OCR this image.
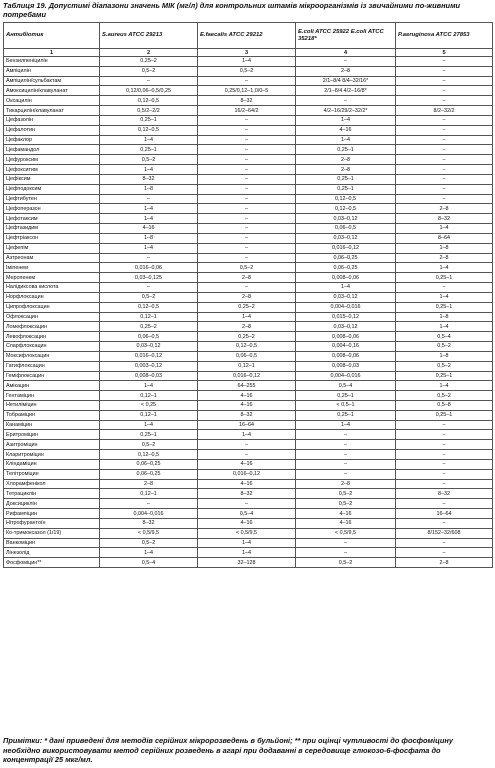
Таблиця 19. Допустимі діапазони значень МІК (мг/л) для контрольних штамів мікроорганізмів із звичайними по-живними потребами
Антибіотик	S.aureus ATCC 29213	E.faecalis ATCC 29212	E.coli ATCC 25922 E.coli ATCC 35218*	P.aeruginosa ATCC 27853
1	2	3	4	5
Бензилпеніцилін	0,25–2	1–4	–	–
Ампіцилін	0,5–2	0,5–2	2–8	–
Ампіцилін/сульбактам	–	–	2/1–8/4 8/4–32/16*	–
Амоксицилін/клавуланат	0,12/0,06–0,5/0,25	0,25/0,12–1,0/0–5	2/1–8/4 4/2–16/8*	–
Оксацилін	0,12–0,5	8–32	–	–
Тикарцилін/клавуланат	0,5/2–2/2	16/2–64/2	4/2–16/29/2–32/2*	8/2–32/2
Цефазолін	0,25–1	–	1–4	–
Цефалотин	0,12–0,5	–	4–16	–
Цефаклор	1–4	–	1–4	–
Цефамандол	0,25–1	–	0,25–1	–
Цефуроксим	0,5–2	–	2–8	–
Цефокситим	1–4	–	2–8	–
Цефіксим	8–32	–	0,25–1	–
Цефподоксим	1–8	–	0,25–1	–
Цефтибутен	–	–	0,12–0,5	–
Цефоперазон	1–4	–	0,12–0,5	2–8
Цефотаксим	1–4	–	0,03–0,12	8–32
Цефтазидим	4–16	–	0,06–0,5	1–4
Цефтріаксон	1–8	–	0,03–0,12	8–64
Цефепім	1–4	–	0,016–0,12	1–8
Азтреонам	–	–	0,06–0,25	2–8
Іміпенем	0,016–0,06	0,5–2	0,06–0,25	1–4
Меропенем	0,03–0,125	2–8	0,008–0,06	0,25–1
Налідиксова кислота	–	–	1–4	–
Норфлоксацин	0,5–2	2–8	0,03–0,12	1–4
Ципрофлоксацин	0,12–0,5	0,25–2	0,004–0,016	0,25–1
Офлоксацин	0,12–1	1–4	0,015–0,12	1–8
Ломефлоксацин	0,25–2	2–8	0,03–0,12	1–4
Левофлоксацин	0,06–0,5	0,25–2	0,008–0,06	0,5–4
Спарфлоксацин	0,03–0,12	0,12–0,5	0,004–0,16	0,5–2
Моксифлоксацин	0,016–0,12	0,06–0,5	0,008–0,06	1–8
Гатифлоксацин	0,003–0,12	0,12–1	0,008–0,03	0,5–2
Геміфлоксацин	0,008–0,03	0,016–0,12	0,004–0,016	0,25–1
Амікацин	1–4	64–255	0,5–4	1–4
Гентаміцин	0,12–1	4–16	0,25–1	0,5–2
Нетиліміцин	< 0,25	4–16	< 0,5–1	0,5–8
Тобраміцин	0,12–1	8–32	0,25–1	0,25–1
Канаміцин	1–4	16–64	1–4	–
Еритроміцин	0,25–1	1–4	–	–
Азитроміцин	0,5–2	–	–	–
Кларитроміцин	0,12–0,5	–	–	–
Кліндаміцин	0,06–0,25	4–16	–	–
Телітроміцин	0,06–0,25	0,016–0,12	–	–
Хлорамфенікол	2–8	4–16	2–8	–
Тетрациклін	0,12–1	8–32	0,5–2	8–32
Доксициклін	–	–	0,5–2	–
Рифампіцин	0,004–0,016	0,5–4	4–16	16–64
Нітрофурантоїн	8–32	4–16	4–16	–
Ко-тримоксазол (1/19)	< 0,5/9,5	< 0,5/9,5	< 0,5/9,5	8/152–32/608
Ванкоміцин	0,5–2	1–4	–	–
Лінезолід	1–4	1–4	–	–
Фосфоміцин**	0,5–4	32–128	0,5–2	2–8
Примітки: * дані приведені для методів серійних мікророзведень в бульйоні; ** при оцінці чутливості до фосфоміцину необхідно використовувати метод серійних розведень в агарі при додаванні в середовище глюкозо-6-фосфата до концентрації 25 мкг/мл.
